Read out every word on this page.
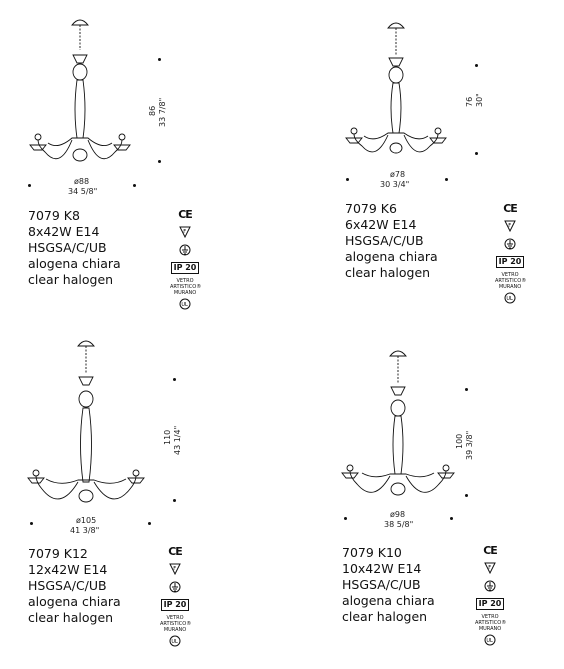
86 33 7/8"
ø88
34 5/8"
7079 K8
8x42W E14
HSGSA/C/UB
alogena chiara
clear halogen
CE
F
IP 20
VETRO ARTISTICO®
MURANO
UL
76 30"
ø78
30 3/4"
7079 K6
6x42W E14
HSGSA/C/UB
alogena chiara
clear halogen
CE
F
IP 20
VETRO ARTISTICO®
MURANO
UL
110 43 1/4"
ø105
41 3/8"
7079 K12
12x42W E14
HSGSA/C/UB
alogena chiara
clear halogen
CE
F
IP 20
VETRO ARTISTICO®
MURANO
UL
100 39 3/8"
ø98
38 5/8"
7079 K10
10x42W E14
HSGSA/C/UB
alogena chiara
clear halogen
CE
F
IP 20
VETRO ARTISTICO®
MURANO
UL
